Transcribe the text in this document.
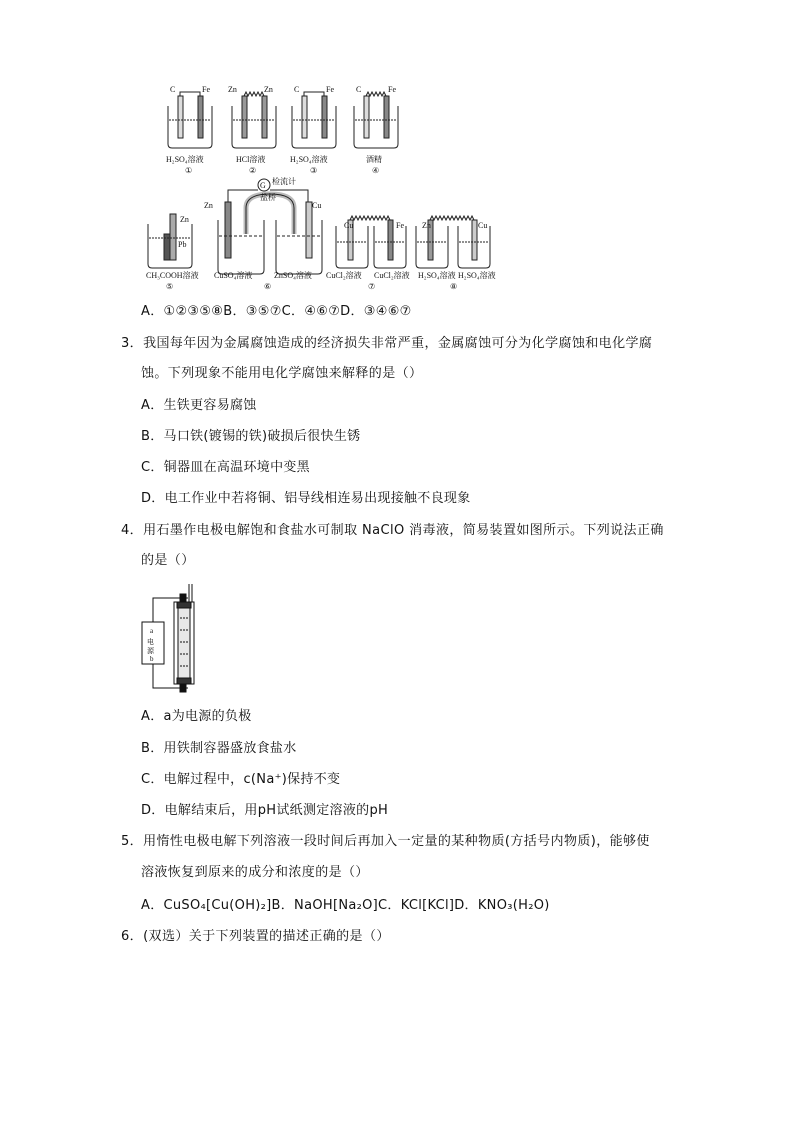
C	Fe
H₂SO₄溶液
①
Zn	Zn
HCl溶液
②
C	Fe
H₂SO₄溶液
③
C	Fe
酒精
④
Zn
Pb
CH₃COOH溶液
⑤
G 检流计
盐桥
Zn	Cu
CuSO₄溶液	ZnSO₄溶液
⑥
Cu	Fe
CuCl₂溶液 CuCl₂溶液
⑦
Zn	Cu
H₂SO₄溶液 H₂SO₄溶液
⑧
A．①②③⑤⑧B．③⑤⑦C．④⑥⑦D．③④⑥⑦
3．我国每年因为金属腐蚀造成的经济损失非常严重，金属腐蚀可分为化学腐蚀和电化学腐
蚀。下列现象不能用电化学腐蚀来解释的是（）
A．生铁更容易腐蚀
B．马口铁(镀锡的铁)破损后很快生锈
C．铜器皿在高温环境中变黑
D．电工作业中若将铜、铝导线相连易出现接触不良现象
4．用石墨作电极电解饱和食盐水可制取 NaClO 消毒液，简易装置如图所示。下列说法正确
的是（）
a
电
源
b
A．a为电源的负极
B．用铁制容器盛放食盐水
C．电解过程中，c(Na⁺)保持不变
D．电解结束后，用pH试纸测定溶液的pH
5．用惰性电极电解下列溶液一段时间后再加入一定量的某种物质(方括号内物质)，能够使
溶液恢复到原来的成分和浓度的是（）
A．CuSO₄[Cu(OH)₂]B．NaOH[Na₂O]C．KCl[KCl]D．KNO₃(H₂O)
6．(双选）关于下列装置的描述正确的是（）
